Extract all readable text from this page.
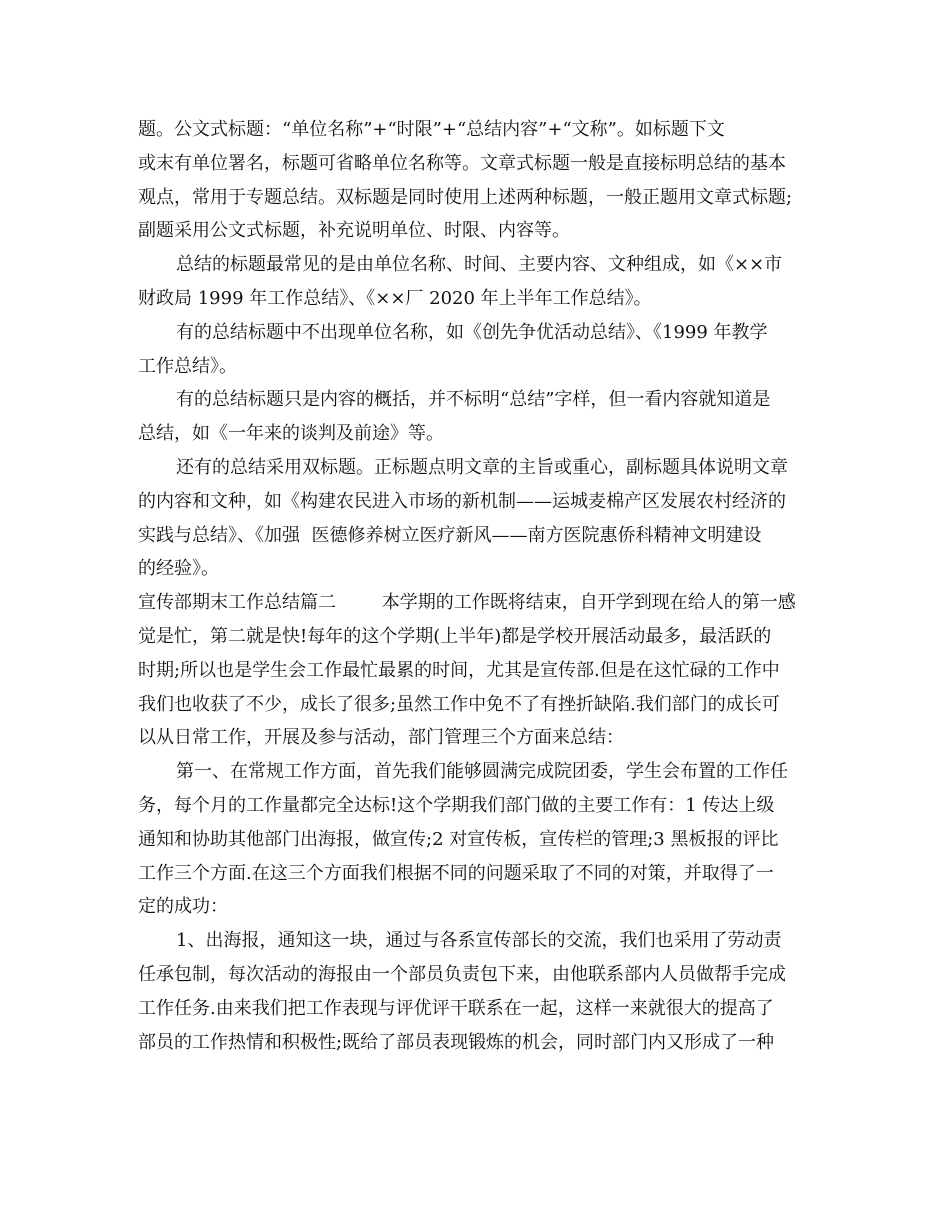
题。公文式标题：“单位名称”+“时限”+“总结内容”+“文称”。如标题下文
或末有单位署名，标题可省略单位名称等。文章式标题一般是直接标明总结的基本
观点，常用于专题总结。双标题是同时使用上述两种标题，一般正题用文章式标题;
副题采用公文式标题，补充说明单位、时限、内容等。
总结的标题最常见的是由单位名称、时间、主要内容、文种组成，如《××市
财政局 1999 年工作总结》、《××厂 2020 年上半年工作总结》。
有的总结标题中不出现单位名称，如《创先争优活动总结》、《1999 年教学
工作总结》。
有的总结标题只是内容的概括，并不标明“总结”字样，但一看内容就知道是
总结，如《一年来的谈判及前途》等。
还有的总结采用双标题。正标题点明文章的主旨或重心，副标题具体说明文章
的内容和文种，如《构建农民进入市场的新机制——运城麦棉产区发展农村经济的
实践与总结》、《加强  医德修养树立医疗新风——南方医院惠侨科精神文明建设
的经验》。
宣传部期末工作总结篇二        本学期的工作既将结束，自开学到现在给人的第一感
觉是忙，第二就是快!每年的这个学期(上半年)都是学校开展活动最多，最活跃的
时期;所以也是学生会工作最忙最累的时间，尤其是宣传部.但是在这忙碌的工作中
我们也收获了不少，成长了很多;虽然工作中免不了有挫折缺陷.我们部门的成长可
以从日常工作，开展及参与活动，部门管理三个方面来总结：
第一、在常规工作方面，首先我们能够圆满完成院团委，学生会布置的工作任
务，每个月的工作量都完全达标!这个学期我们部门做的主要工作有：1 传达上级
通知和协助其他部门出海报，做宣传;2 对宣传板，宣传栏的管理;3 黑板报的评比
工作三个方面.在这三个方面我们根据不同的问题采取了不同的对策，并取得了一
定的成功：
1、出海报，通知这一块，通过与各系宣传部长的交流，我们也采用了劳动责
任承包制，每次活动的海报由一个部员负责包下来，由他联系部内人员做帮手完成
工作任务.由来我们把工作表现与评优评干联系在一起，这样一来就很大的提高了
部员的工作热情和积极性;既给了部员表现锻炼的机会，同时部门内又形成了一种
